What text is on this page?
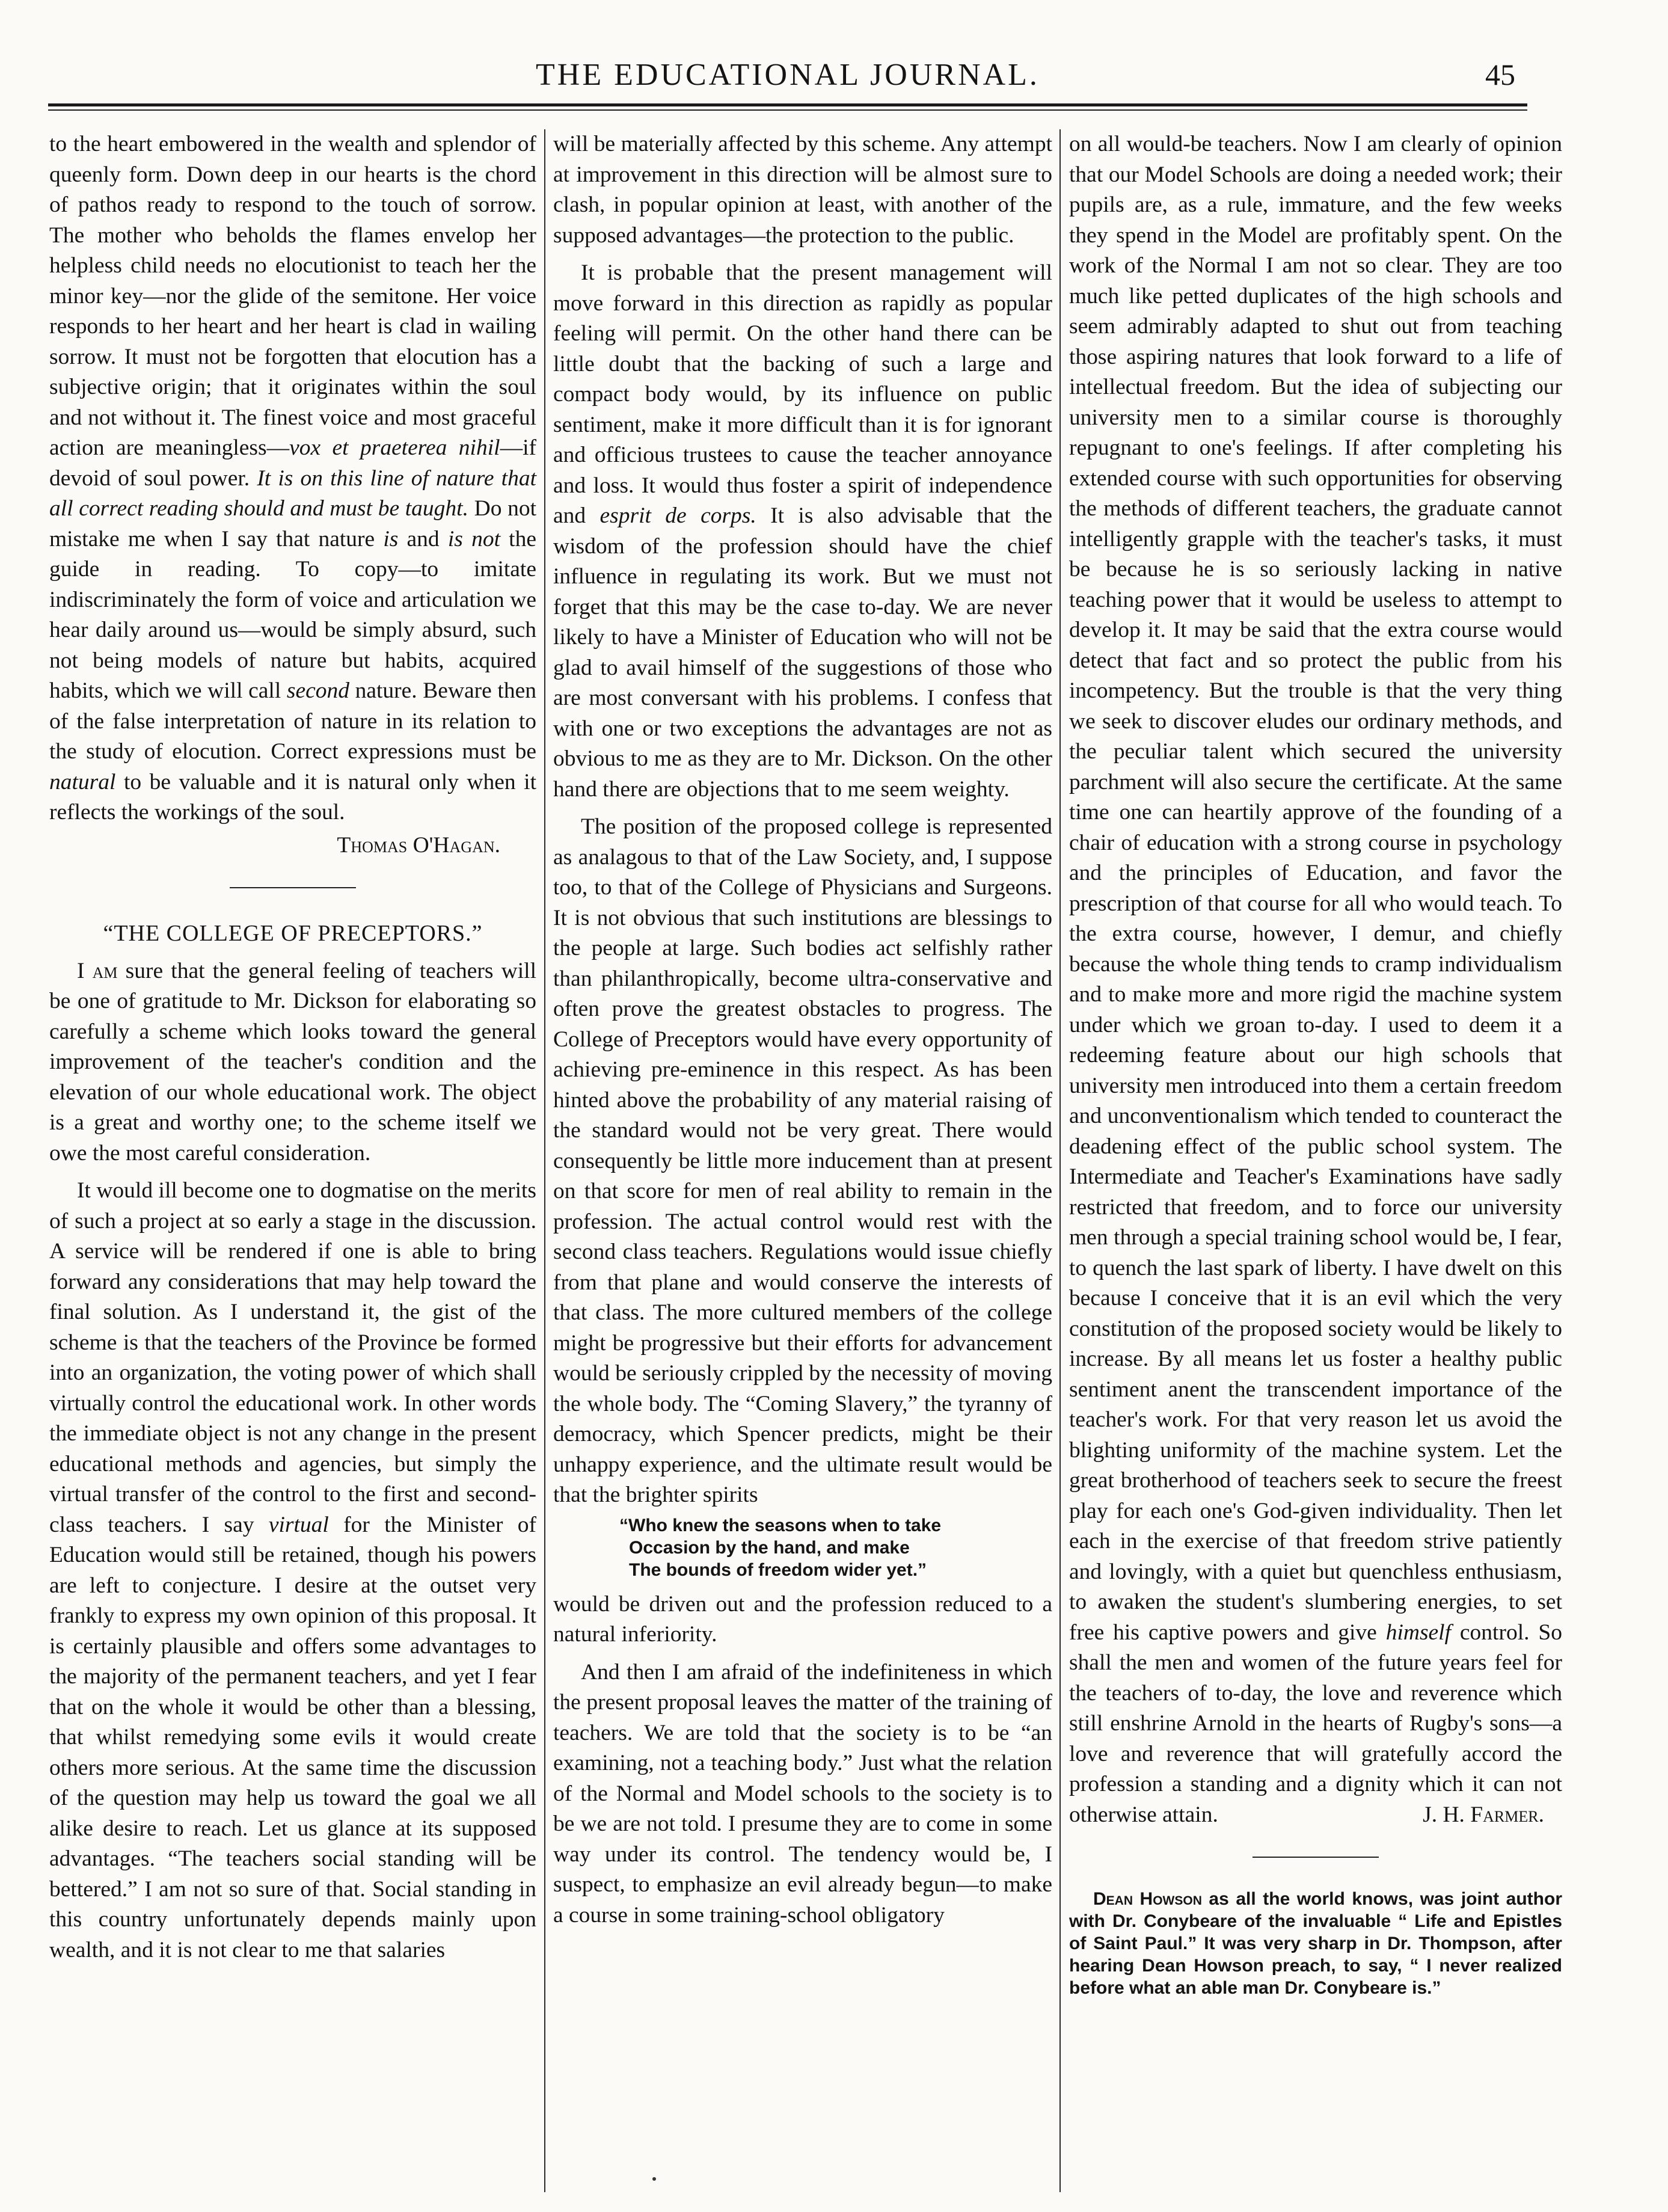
THE EDUCATIONAL JOURNAL.	45

to the heart embowered in the wealth and splendor of queenly form. Down deep in our hearts is the chord of pathos ready to respond to the touch of sorrow. The mother who beholds the flames envelop her helpless child needs no elocutionist to teach her the minor key—nor the glide of the semitone. Her voice responds to her heart and her heart is clad in wailing sorrow. It must not be forgotten that elocution has a subjective origin; that it originates within the soul and not without it. The finest voice and most graceful action are meaningless—vox et praeterea nihil—if devoid of soul power. It is on this line of nature that all correct reading should and must be taught. Do not mistake me when I say that nature is and is not the guide in reading. To copy—to imitate indiscriminately the form of voice and articulation we hear daily around us—would be simply absurd, such not being models of nature but habits, acquired habits, which we will call second nature. Beware then of the false interpretation of nature in its relation to the study of elocution. Correct expressions must be natural to be valuable and it is natural only when it reflects the workings of the soul.

Thomas O'Hagan.
“THE COLLEGE OF PRECEPTORS.”

I am sure that the general feeling of teachers will be one of gratitude to Mr. Dickson for elaborating so carefully a scheme which looks toward the general improvement of the teacher's condition and the elevation of our whole educational work. The object is a great and worthy one; to the scheme itself we owe the most careful consideration.

It would ill become one to dogmatise on the merits of such a project at so early a stage in the discussion. A service will be rendered if one is able to bring forward any considerations that may help toward the final solution. As I understand it, the gist of the scheme is that the teachers of the Province be formed into an organization, the voting power of which shall virtually control the educational work. In other words the immediate object is not any change in the present educational methods and agencies, but simply the virtual transfer of the control to the first and second-class teachers. I say virtual for the Minister of Education would still be retained, though his powers are left to conjecture. I desire at the outset very frankly to express my own opinion of this proposal. It is certainly plausible and offers some advantages to the majority of the permanent teachers, and yet I fear that on the whole it would be other than a blessing, that whilst remedying some evils it would create others more serious. At the same time the discussion of the question may help us toward the goal we all alike desire to reach. Let us glance at its supposed advantages. “The teachers social standing will be bettered.” I am not so sure of that. Social standing in this country unfortunately depends mainly upon wealth, and it is not clear to me that salaries

will be materially affected by this scheme. Any attempt at improvement in this direction will be almost sure to clash, in popular opinion at least, with another of the supposed advantages—the protection to the public.

It is probable that the present management will move forward in this direction as rapidly as popular feeling will permit. On the other hand there can be little doubt that the backing of such a large and compact body would, by its influence on public sentiment, make it more difficult than it is for ignorant and officious trustees to cause the teacher annoyance and loss. It would thus foster a spirit of independence and esprit de corps. It is also advisable that the wisdom of the profession should have the chief influence in regulating its work. But we must not forget that this may be the case to-day. We are never likely to have a Minister of Education who will not be glad to avail himself of the suggestions of those who are most conversant with his problems. I confess that with one or two exceptions the advantages are not as obvious to me as they are to Mr. Dickson. On the other hand there are objections that to me seem weighty.

The position of the proposed college is represented as analagous to that of the Law Society, and, I suppose too, to that of the College of Physicians and Surgeons. It is not obvious that such institutions are blessings to the people at large. Such bodies act selfishly rather than philanthropically, become ultra-conservative and often prove the greatest obstacles to progress. The College of Preceptors would have every opportunity of achieving pre-eminence in this respect. As has been hinted above the probability of any material raising of the standard would not be very great. There would consequently be little more inducement than at present on that score for men of real ability to remain in the profession. The actual control would rest with the second class teachers. Regulations would issue chiefly from that plane and would conserve the interests of that class. The more cultured members of the college might be progressive but their efforts for advancement would be seriously crippled by the necessity of moving the whole body. The “Coming Slavery,” the tyranny of democracy, which Spencer predicts, might be their unhappy experience, and the ultimate result would be that the brighter spirits

“Who knew the seasons when to take
Occasion by the hand, and make
The bounds of freedom wider yet.”

would be driven out and the profession reduced to a natural inferiority.

And then I am afraid of the indefiniteness in which the present proposal leaves the matter of the training of teachers. We are told that the society is to be “an examining, not a teaching body.” Just what the relation of the Normal and Model schools to the society is to be we are not told. I presume they are to come in some way under its control. The tendency would be, I suspect, to emphasize an evil already begun—to make a course in some training-school obligatory

on all would-be teachers. Now I am clearly of opinion that our Model Schools are doing a needed work; their pupils are, as a rule, immature, and the few weeks they spend in the Model are profitably spent. On the work of the Normal I am not so clear. They are too much like petted duplicates of the high schools and seem admirably adapted to shut out from teaching those aspiring natures that look forward to a life of intellectual freedom. But the idea of subjecting our university men to a similar course is thoroughly repugnant to one's feelings. If after completing his extended course with such opportunities for observing the methods of different teachers, the graduate cannot intelligently grapple with the teacher's tasks, it must be because he is so seriously lacking in native teaching power that it would be useless to attempt to develop it. It may be said that the extra course would detect that fact and so protect the public from his incompetency. But the trouble is that the very thing we seek to discover eludes our ordinary methods, and the peculiar talent which secured the university parchment will also secure the certificate. At the same time one can heartily approve of the founding of a chair of education with a strong course in psychology and the principles of Education, and favor the prescription of that course for all who would teach. To the extra course, however, I demur, and chiefly because the whole thing tends to cramp individualism and to make more and more rigid the machine system under which we groan to-day. I used to deem it a redeeming feature about our high schools that university men introduced into them a certain freedom and unconventionalism which tended to counteract the deadening effect of the public school system. The Intermediate and Teacher's Examinations have sadly restricted that freedom, and to force our university men through a special training school would be, I fear, to quench the last spark of liberty. I have dwelt on this because I conceive that it is an evil which the very constitution of the proposed society would be likely to increase. By all means let us foster a healthy public sentiment anent the transcendent importance of the teacher's work. For that very reason let us avoid the blighting uniformity of the machine system. Let the great brotherhood of teachers seek to secure the freest play for each one's God-given individuality. Then let each in the exercise of that freedom strive patiently and lovingly, with a quiet but quenchless enthusiasm, to awaken the student's slumbering energies, to set free his captive powers and give himself control. So shall the men and women of the future years feel for the teachers of to-day, the love and reverence which still enshrine Arnold in the hearts of Rugby's sons—a love and reverence that will gratefully accord the profession a standing and a dignity which it can not otherwise attain.	J. H. Farmer.

Dean Howson as all the world knows, was joint author with Dr. Conybeare of the invaluable “ Life and Epistles of Saint Paul.” It was very sharp in Dr. Thompson, after hearing Dean Howson preach, to say, “ I never realized before what an able man Dr. Conybeare is.”
